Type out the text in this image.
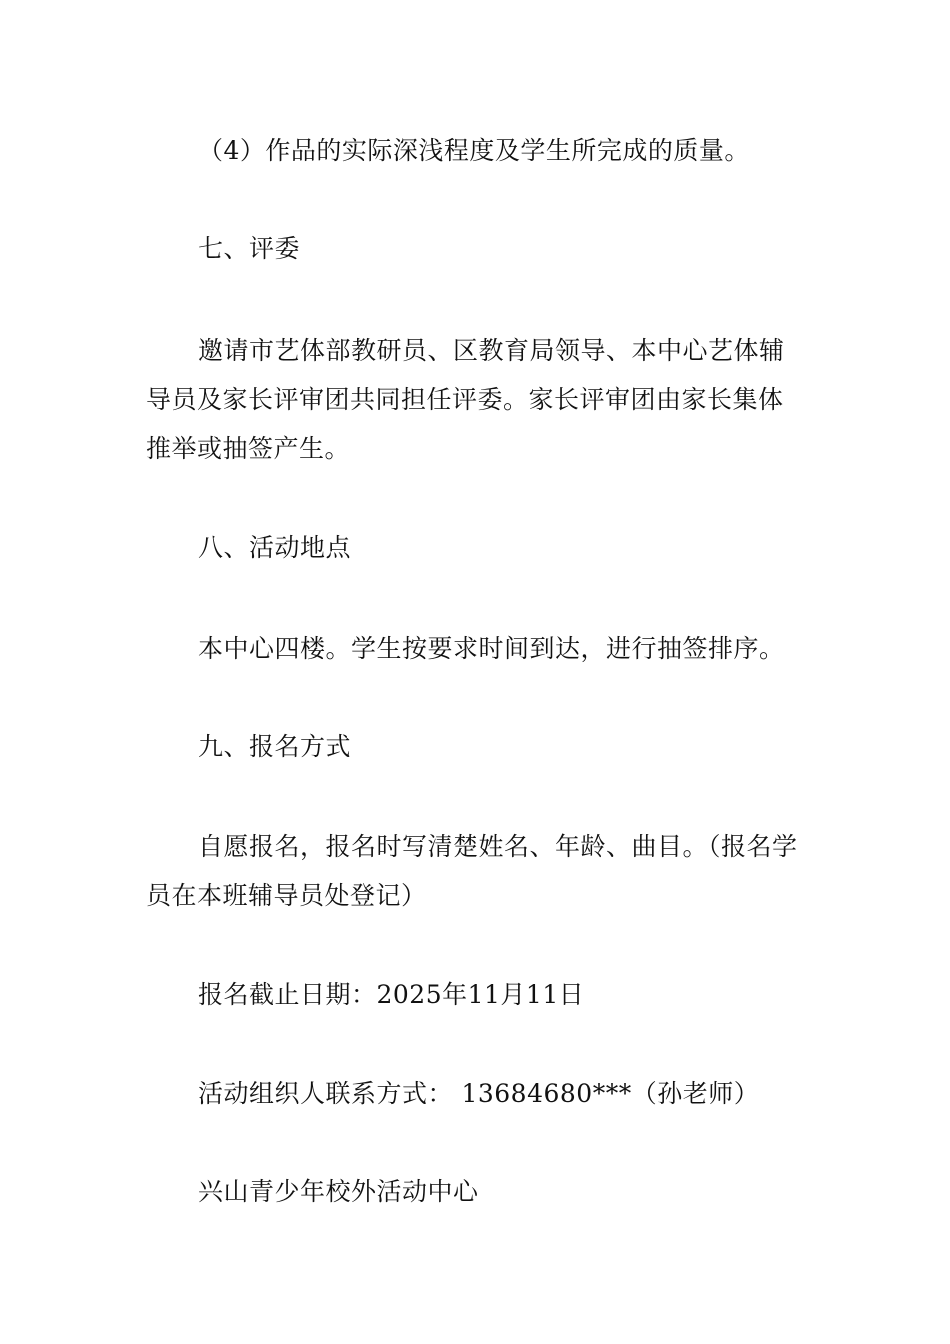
（4）作品的实际深浅程度及学生所完成的质量。

七、评委

邀请市艺体部教研员、区教育局领导、本中心艺体辅导员及家长评审团共同担任评委。家长评审团由家长集体推举或抽签产生。

八、活动地点

本中心四楼。学生按要求时间到达，进行抽签排序。

九、报名方式

自愿报名，报名时写清楚姓名、年龄、曲目。（报名学员在本班辅导员处登记）

报名截止日期：2025年11月11日

活动组织人联系方式： 13684680***（孙老师）

兴山青少年校外活动中心
